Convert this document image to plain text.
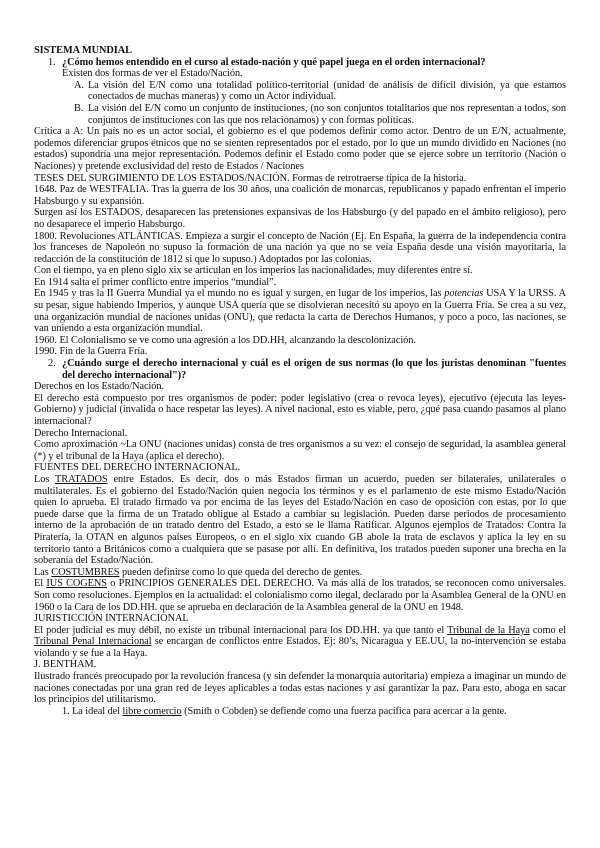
SISTEMA MUNDIAL

1. ¿Cómo hemos entendido en el curso al estado-nación y qué papel juega en el orden internacional?

Existen dos formas de ver el Estado/Nación.

A. La visión del E/N como una totalidad político-territorial (unidad de análisis de difícil división, ya que estamos conectados de muchas maneras) y como un Actor individual.
B. La visión del E/N como un conjunto de instituciones, (no son conjuntos totalitarios que nos representan a todos, son conjuntos de instituciones con las que nos relacionamos) y con formas políticas.

Crítica a A: Un país no es un actor social, el gobierno es el que podemos definir como actor. Dentro de un E/N, actualmente, podemos diferenciar grupos étnicos que no se sienten representados por el estado, por lo que un mundo dividido en Naciones (no estados) supondría una mejor representación. Podemos definir el Estado como poder que se ejerce sobre un territorio (Nación o Naciones) y pretende exclusividad del resto de Estados / Naciones

TESES DEL SURGIMIENTO DE LOS ESTADOS/NACIÓN. Formas de retrotraerse típica de la historia.

1648. Paz de WESTFALIA. Tras la guerra de los 30 años, una coalición de monarcas, republicanos y papado enfrentan el imperio Habsburgo y su expansión.

Surgen así los ESTADOS, desaparecen las pretensiones expansivas de los Habsburgo (y del papado en el ámbito religioso), pero no desaparece el imperio Habsburgo.

1800. Revoluciones ATLÁNTICAS. Empieza a surgir el concepto de Nación (Ej. En España, la guerra de la independencia contra los franceses de Napoleón no supuso la formación de una nación ya que no se veía España desde una visión mayoritaria, la redacción de la constitución de 1812 sí que lo supuso.) Adoptados por las colonias.

Con el tiempo, ya en pleno siglo xix se articulan en los imperios las nacionalidades, muy diferentes entre sí.

En 1914 salta el primer conflicto entre imperios “mundial”.

En 1945 y tras la II Guerra Mundial ya el mundo no es igual y surgen, en lugar de los imperios, las potencias USA Y la URSS. A su pesar, sigue habiendo Imperios, y aunque USA quería que se disolvieran necesitó su apoyo en la Guerra Fría. Se crea a su vez, una organización mundial de naciones unidas (ONU), que redacta la carta de Derechos Humanos, y poco a poco, las naciones, se van uniendo a esta organización mundial.

1960. El Colonialismo se ve como una agresión a los DD.HH, alcanzando la descolonización.

1990. Fin de la Guerra Fría.

2. ¿Cuándo surge el derecho internacional y cuál es el origen de sus normas (lo que los juristas denominan "fuentes del derecho internacional")?

Derechos en los Estado/Nación.

El derecho está compuesto por tres organismos de poder: poder legislativo (crea o revoca leyes), ejecutivo (ejecuta las leyes-Gobierno) y judicial (invalida o hace respetar las leyes). A nivel nacional, esto es viable, pero, ¿qué pasa cuando pasamos al plano internacional?

Derecho Internacional.

Como aproximación ~La ONU (naciones unidas) consta de tres organismos a su vez: el consejo de seguridad, la asamblea general (*) y el tribunal de la Haya (aplica el derecho).

FUENTES DEL DERECHO INTERNACIONAL.

Los TRATADOS entre Estados. Es decir, dos o más Estados firman un acuerdo, pueden ser bilaterales, unilaterales o multilaterales. Es el gobierno del Estado/Nación quien negocia los términos y es el parlamento de este mismo Estado/Nación quien lo aprueba. El tratado firmado va por encima de las leyes del Estado/Nación en caso de oposición con estas, por lo que puede darse que la firma de un Tratado obligue al Estado a cambiar su legislación. Pueden darse periodos de procesamiento interno de la aprobación de un tratado dentro del Estado, a esto se le llama Ratificar. Algunos ejemplos de Tratados: Contra la Piratería, la OTAN en algunos países Europeos, o en el siglo xix cuando GB abole la trata de esclavos y aplica la ley en su territorio tanto a Británicos como a cualquiera que se pasase por allí. En definitiva, los tratados pueden suponer una brecha en la soberanía del Estado/Nación.

Las COSTUMBRES pueden definirse como lo que queda del derecho de gentes.

El IUS COGENS o PRINCIPIOS GENERALES DEL DERECHO. Va más allá de los tratados, se reconocen como universales. Son como resoluciones. Ejemplos en la actualidad: el colonialismo como ilegal, declarado por la Asamblea General de la ONU en 1960 o la Cara de los DD.HH. que se aprueba en declaración de la Asamblea general de la ONU en 1948.

JURISTICCIÓN INTERNACIONAL

El poder judicial es muy débil, no existe un tribunal internacional para los DD.HH. ya que tanto el Tribunal de la Haya como el Tribunal Penal Internacional se encargan de conflictos entre Estados. Ej: 80’s, Nicaragua y EE.UU, la no-intervención se estaba violando y se fue a la Haya.

J. BENTHAM.

Ilustrado francés preocupado por la revolución francesa (y sin defender la monarquía autoritaria) empieza a imaginar un mundo de naciones conectadas por una gran red de leyes aplicables a todas estas naciones y así garantizar la paz. Para esto, aboga en sacar los principios del utilitarismo.

1. La ideal del libre comercio (Smith o Cobden) se defiende como una fuerza pacífica para acercar a la gente.
